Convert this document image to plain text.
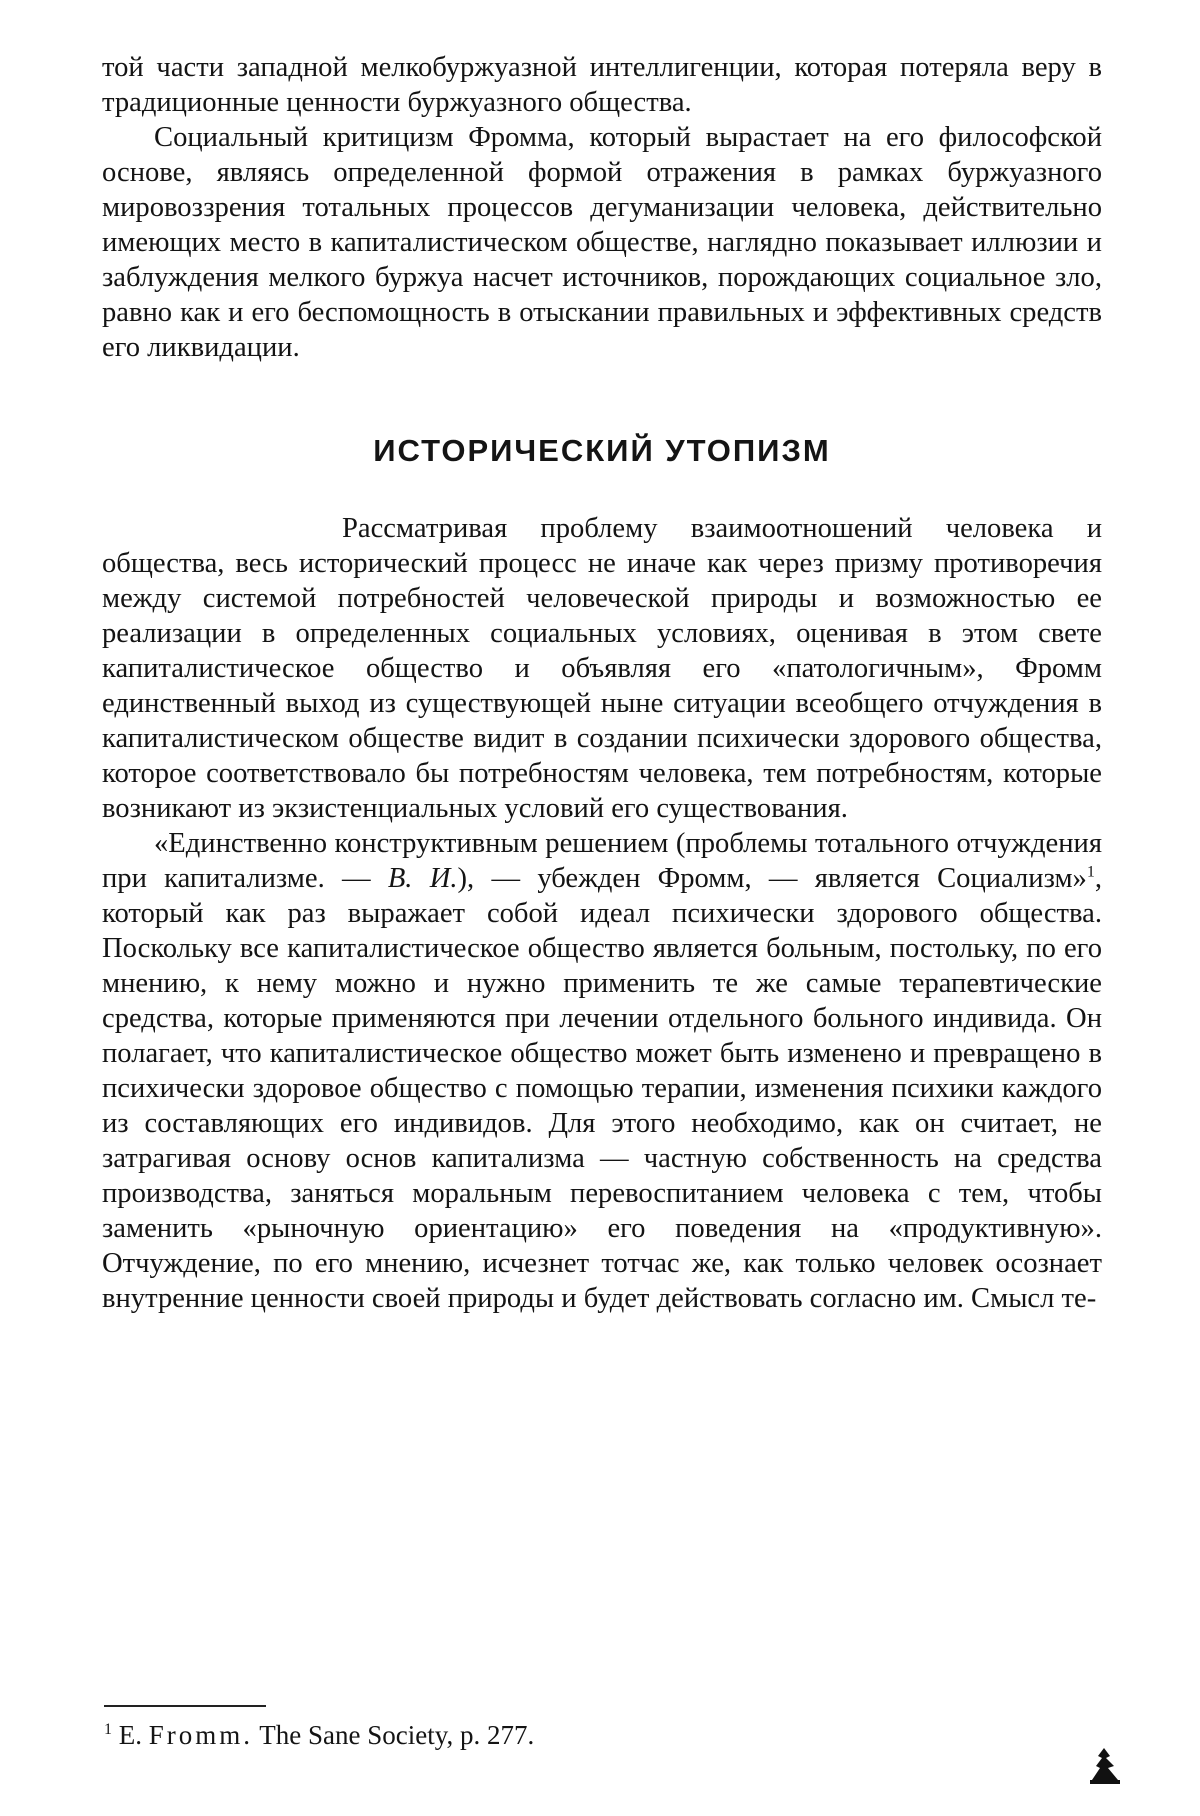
той части западной мелкобуржуазной интеллигенции, которая потеряла веру в традиционные ценности буржуазного общества.

Социальный критицизм Фромма, который вырастает на его философской основе, являясь определенной формой отражения в рамках буржуазного мировоззрения тотальных процессов дегуманизации человека, действительно имеющих место в капиталистическом обществе, наглядно показывает иллюзии и заблуждения мелкого буржуа насчет источников, порождающих социальное зло, равно как и его беспомощность в отыскании правильных и эффективных средств его ликвидации.

ИСТОРИЧЕСКИЙ УТОПИЗМ

Рассматривая проблему взаимоотношений человека и общества, весь исторический процесс не иначе как через призму противоречия между системой потребностей человеческой природы и возможностью ее реализации в определенных социальных условиях, оценивая в этом свете капиталистическое общество и объявляя его «патологичным», Фромм единственный выход из существующей ныне ситуации всеобщего отчуждения в капиталистическом обществе видит в создании психически здорового общества, которое соответствовало бы потребностям человека, тем потребностям, которые возникают из экзистенциальных условий его существования.

«Единственно конструктивным решением (проблемы тотального отчуждения при капитализме. — В. И.), — убежден Фромм, — является Социализм»$^1$, который как раз выражает собой идеал психически здорового общества. Поскольку все капиталистическое общество является больным, постольку, по его мнению, к нему можно и нужно применить те же самые терапевтические средства, которые применяются при лечении отдельного больного индивида. Он полагает, что капиталистическое общество может быть изменено и превращено в психически здоровое общество с помощью терапии, изменения психики каждого из составляющих его индивидов. Для этого необходимо, как он считает, не затрагивая основу основ капитализма — частную собственность на средства производства, заняться моральным перевоспитанием человека с тем, чтобы заменить «рыночную ориентацию» его поведения на «продуктивную». Отчуждение, по его мнению, исчезнет тотчас же, как только человек осознает внутренние ценности своей природы и будет действовать согласно им. Смысл те-

$^1$ E. Fromm. The Sane Society, p. 277.
